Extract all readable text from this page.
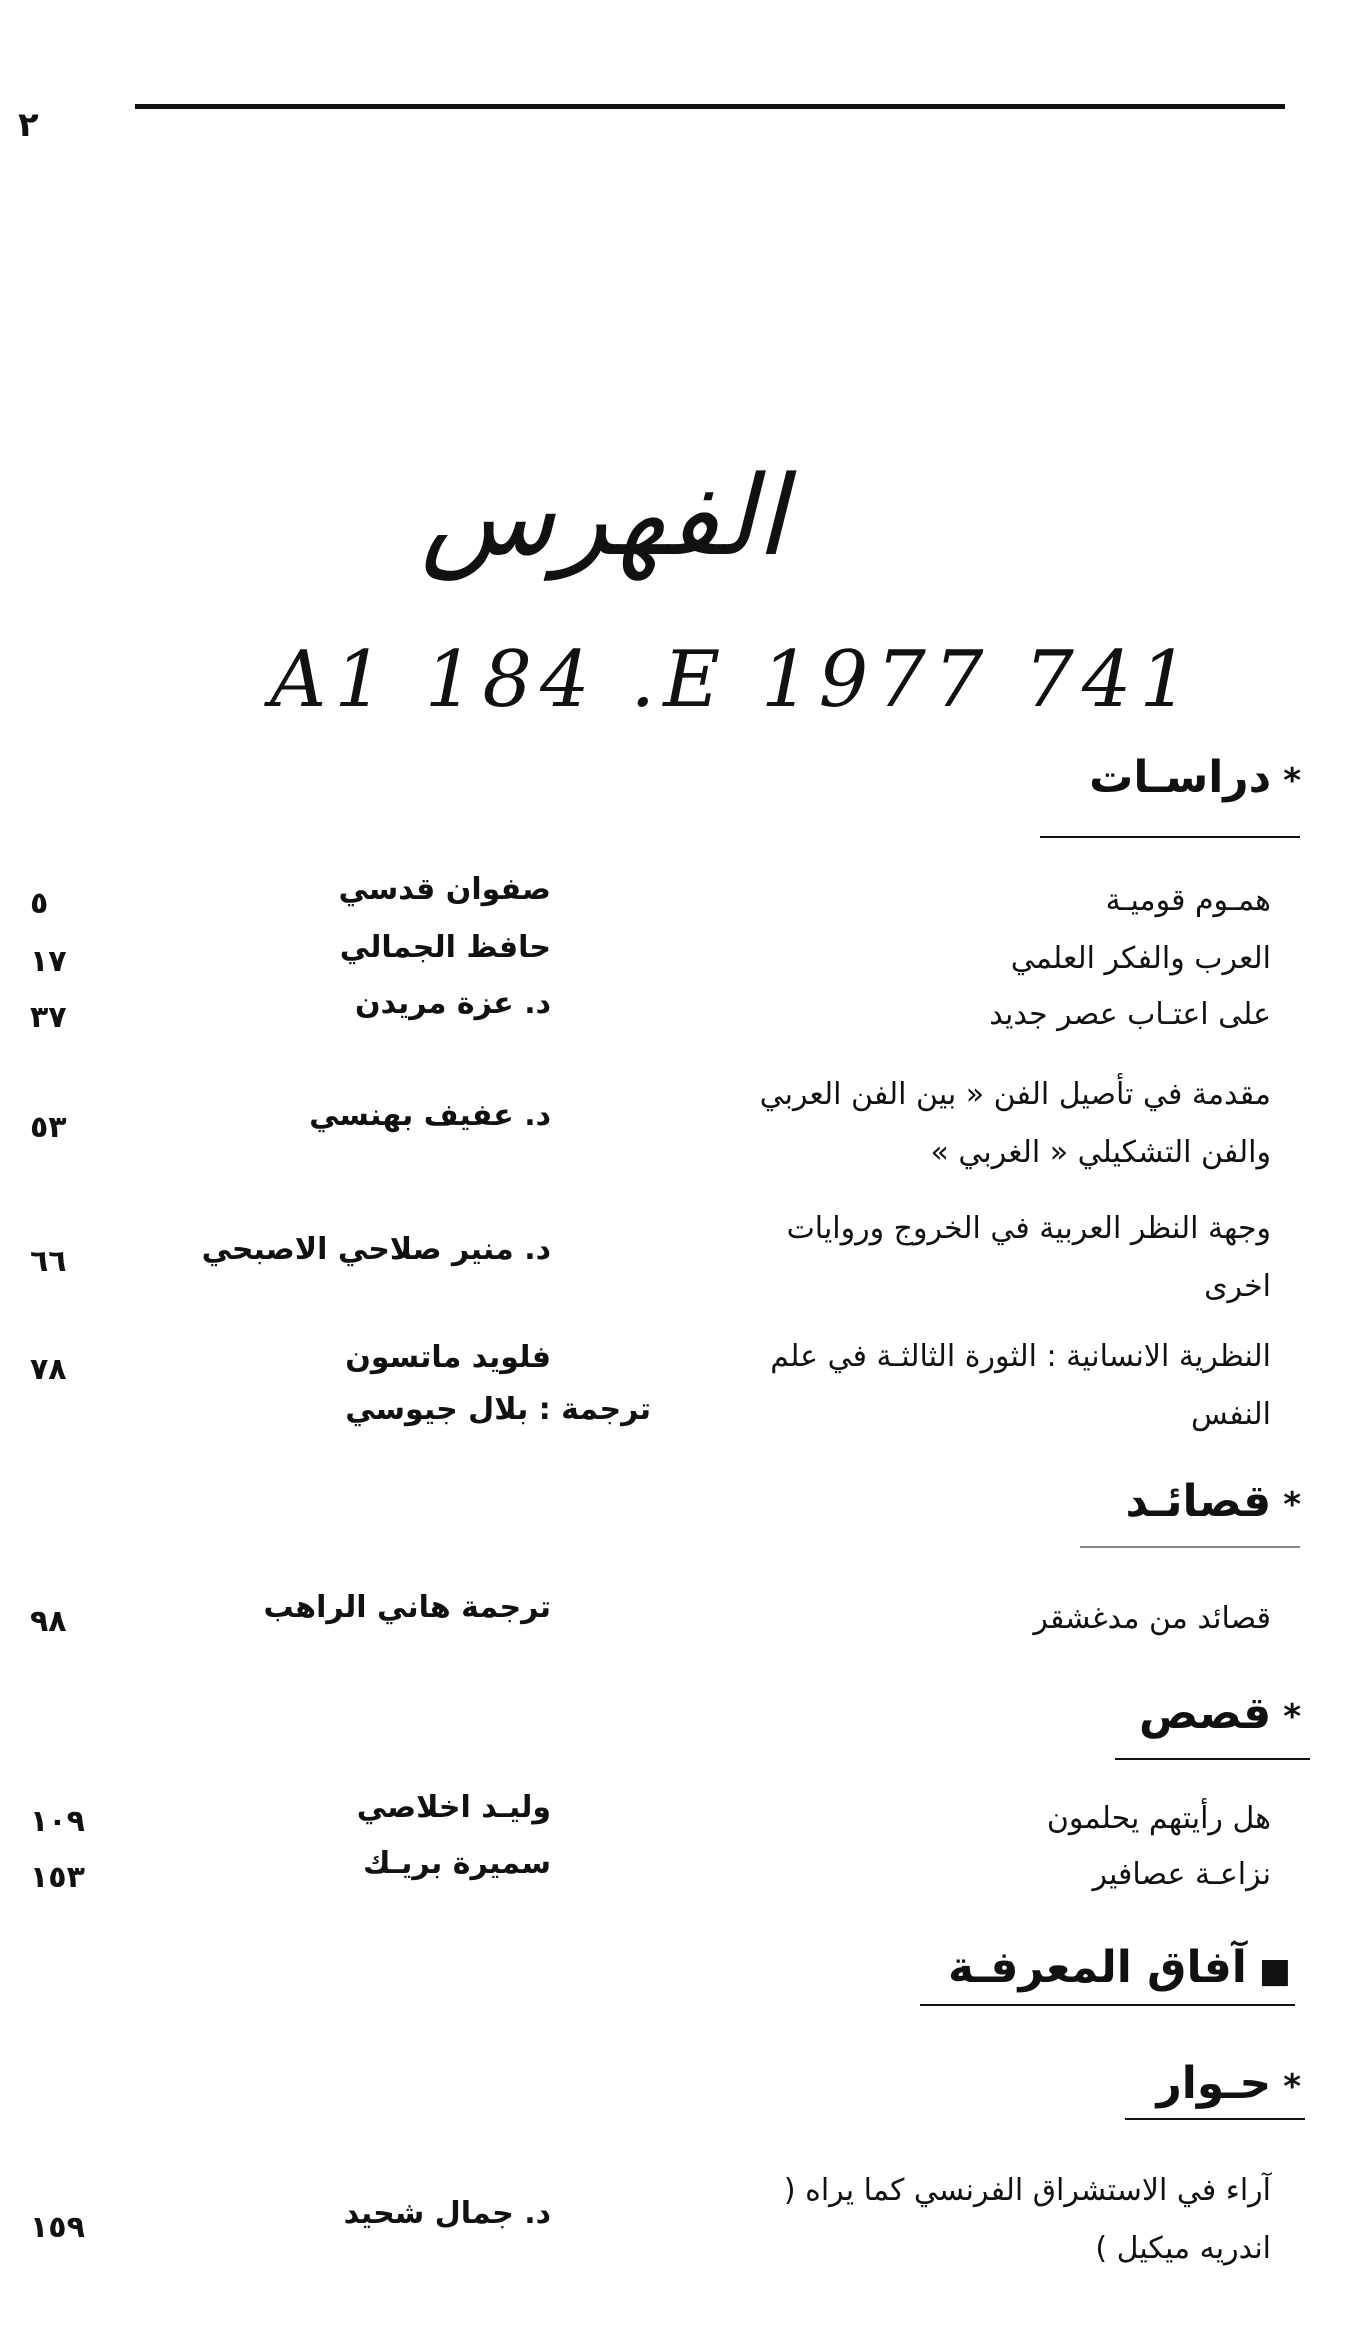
٢
الفهرس
A1 184 .E 1977 741
*دراسـات
همـوم قوميـة
صفوان قدسي
٥
العرب والفكر العلمي
حافظ الجمالي
١٧
على اعتـاب عصر جديد
د. عزة مريدن
٣٧
مقدمة في تأصيل الفن « بين الفن العربي والفن التشكيلي « الغربي »
د. عفيف بهنسي
٥٣
وجهة النظر العربية في الخروج وروايات اخرى
د. منير صلاحي الاصبحي
٦٦
النظرية الانسانية : الثورة الثالثـة في علم النفس
فلويد ماتسون
ترجمة : بلال جيوسي
٧٨
*قصائـد
قصائد من مدغشقر
ترجمة هاني الراهب
٩٨
*قصص
هل رأيتهم يحلمون
وليـد اخلاصي
١٠٩
نزاعـة عصافير
سميرة بريـك
١٥٣
■آفاق المعرفـة
*حـوار
آراء في الاستشراق الفرنسي كما يراه ( اندريه ميكيل )
د. جمال شحيد
١٥٩
